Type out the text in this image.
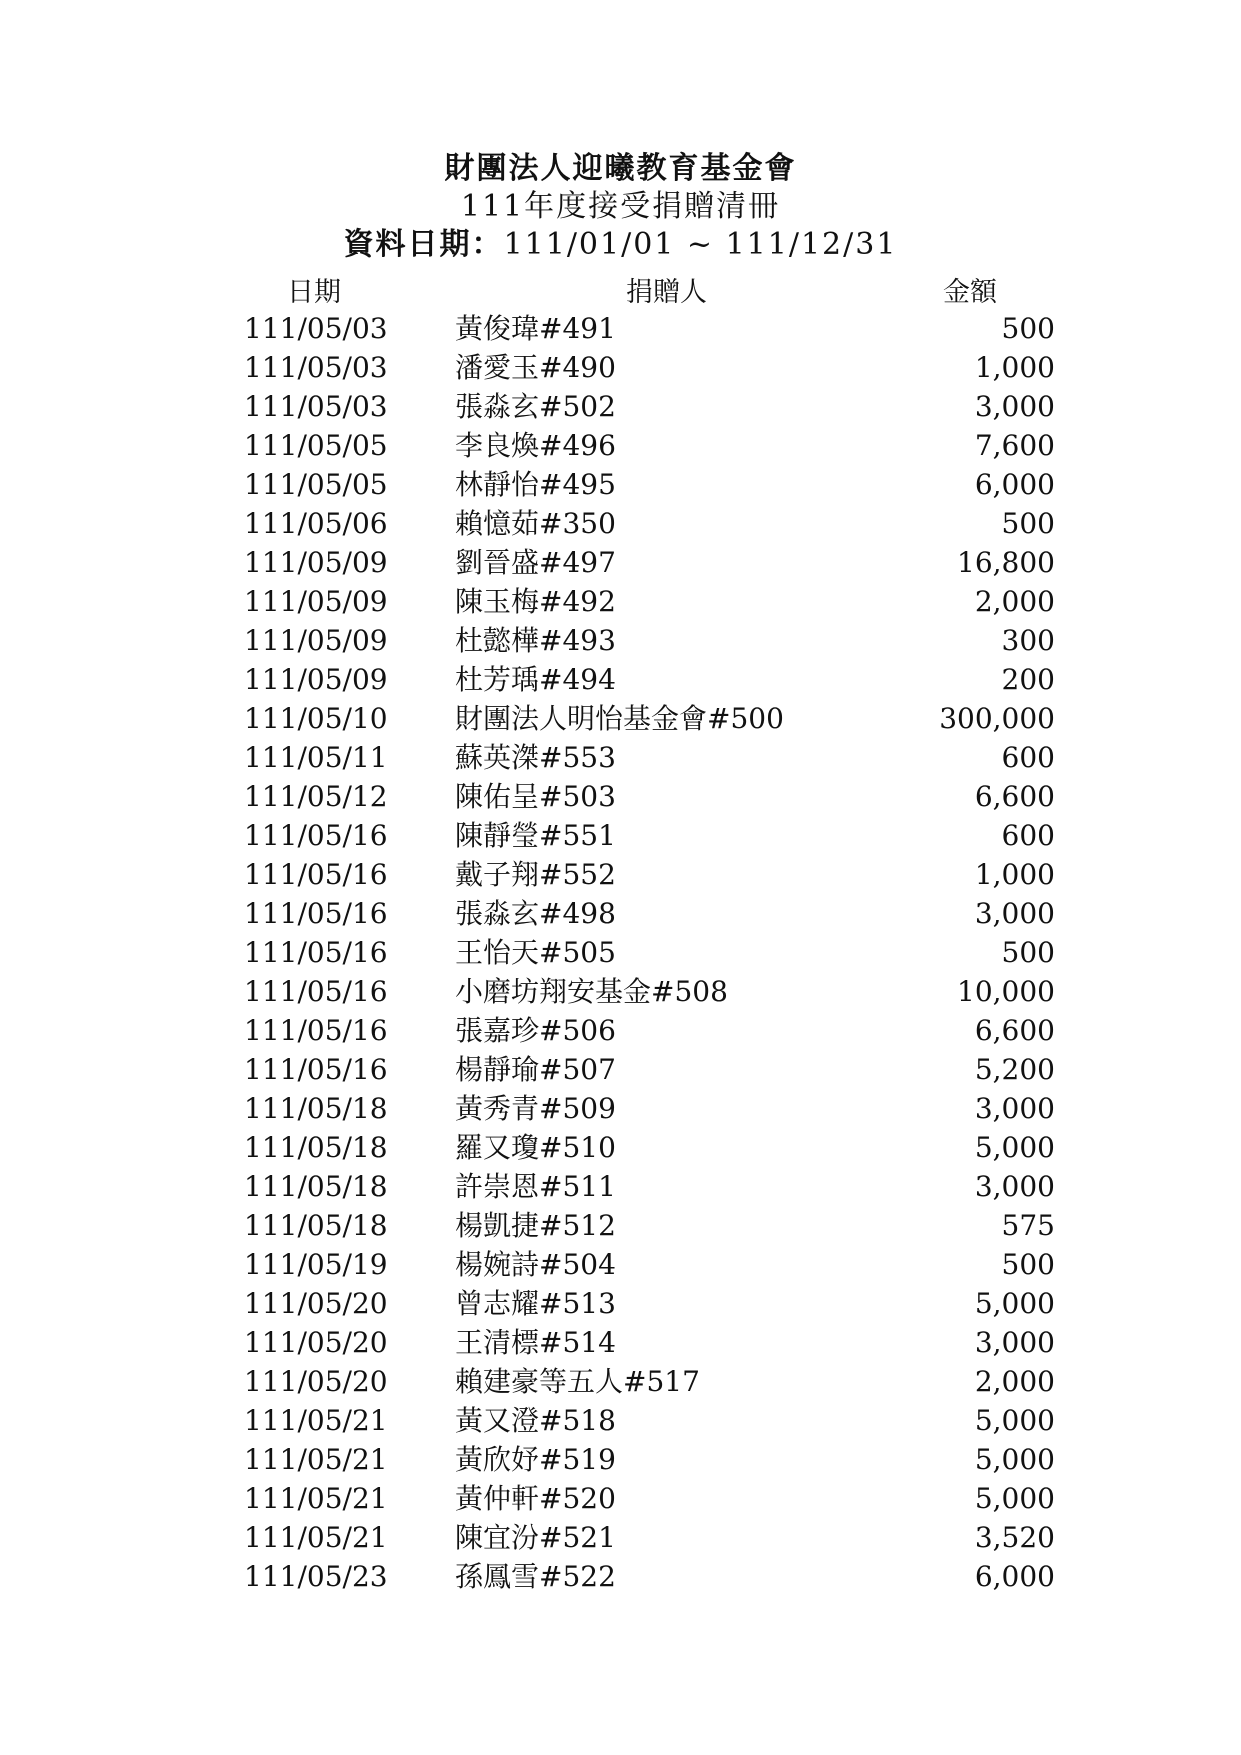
財團法人迎曦教育基金會

111年度接受捐贈清冊

資料日期：111/01/01 ~ 111/12/31

日期	捐贈人	金額
111/05/03 黃俊瑋#491	500
111/05/03 潘愛玉#490	1,000
111/05/03 張淼玄#502	3,000
111/05/05 李良煥#496	7,600
111/05/05 林靜怡#495	6,000
111/05/06 賴憶茹#350	500
111/05/09 劉晉盛#497	16,800
111/05/09 陳玉梅#492	2,000
111/05/09 杜懿樺#493	300
111/05/09 杜芳瑀#494	200
111/05/10 財團法人明怡基金會#500	300,000
111/05/11 蘇英滐#553	600
111/05/12 陳佑呈#503	6,600
111/05/16 陳靜瑩#551	600
111/05/16 戴子翔#552	1,000
111/05/16 張淼玄#498	3,000
111/05/16 王怡天#505	500
111/05/16 小磨坊翔安基金#508	10,000
111/05/16 張嘉珍#506	6,600
111/05/16 楊靜瑜#507	5,200
111/05/18 黃秀青#509	3,000
111/05/18 羅又瓊#510	5,000
111/05/18 許崇恩#511	3,000
111/05/18 楊凱捷#512	575
111/05/19 楊婉詩#504	500
111/05/20 曾志耀#513	5,000
111/05/20 王清標#514	3,000
111/05/20 賴建豪等五人#517	2,000
111/05/21 黃又澄#518	5,000
111/05/21 黃欣妤#519	5,000
111/05/21 黃仲軒#520	5,000
111/05/21 陳宜汾#521	3,520
111/05/23 孫鳳雪#522	6,000
